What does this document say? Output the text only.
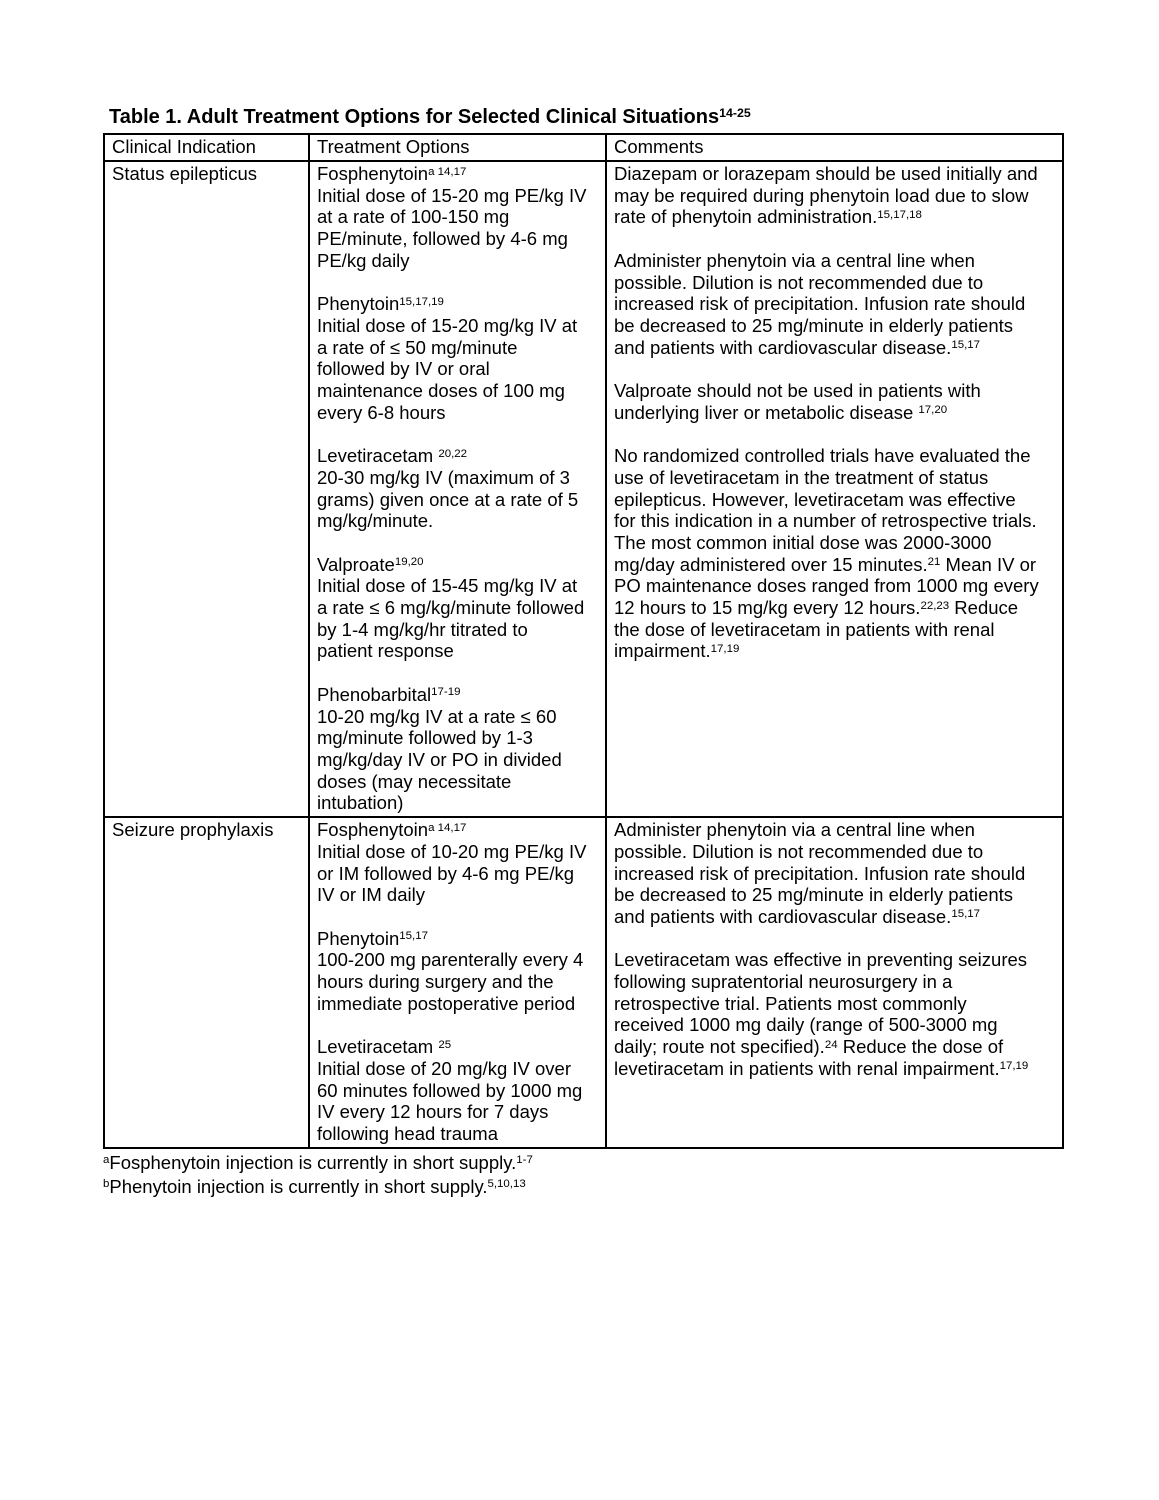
Table 1. Adult Treatment Options for Selected Clinical Situations$^{14-25}$
Clinical Indication	Treatment Options	Comments
Status epilepticus	Fosphenytoin$^{a 14,17}$
Initial dose of 15-20 mg PE/kg IV
at a rate of 100-150 mg
PE/minute, followed by 4-6 mg
PE/kg daily

Phenytoin$^{15,17,19}$
Initial dose of 15-20 mg/kg IV at
a rate of ≤ 50 mg/minute
followed by IV or oral
maintenance doses of 100 mg
every 6-8 hours

Levetiracetam $^{20,22}$
20-30 mg/kg IV (maximum of 3
grams) given once at a rate of 5
mg/kg/minute.

Valproate$^{19,20}$
Initial dose of 15-45 mg/kg IV at
a rate ≤ 6 mg/kg/minute followed
by 1-4 mg/kg/hr titrated to
patient response

Phenobarbital$^{17-19}$
10-20 mg/kg IV at a rate ≤ 60
mg/minute followed by 1-3
mg/kg/day IV or PO in divided
doses (may necessitate
intubation)	Diazepam or lorazepam should be used initially and
may be required during phenytoin load due to slow
rate of phenytoin administration.$^{15,17,18}$

Administer phenytoin via a central line when
possible. Dilution is not recommended due to
increased risk of precipitation. Infusion rate should
be decreased to 25 mg/minute in elderly patients
and patients with cardiovascular disease.$^{15,17}$

Valproate should not be used in patients with
underlying liver or metabolic disease $^{17,20}$

No randomized controlled trials have evaluated the
use of levetiracetam in the treatment of status
epilepticus. However, levetiracetam was effective
for this indication in a number of retrospective trials.
The most common initial dose was 2000-3000
mg/day administered over 15 minutes.$^{21}$ Mean IV or
PO maintenance doses ranged from 1000 mg every
12 hours to 15 mg/kg every 12 hours.$^{22,23}$ Reduce
the dose of levetiracetam in patients with renal
impairment.$^{17,19}$
Seizure prophylaxis	Fosphenytoin$^{a 14,17}$
Initial dose of 10-20 mg PE/kg IV
or IM followed by 4-6 mg PE/kg
IV or IM daily

Phenytoin$^{15,17}$
100-200 mg parenterally every 4
hours during surgery and the
immediate postoperative period

Levetiracetam $^{25}$
Initial dose of 20 mg/kg IV over
60 minutes followed by 1000 mg
IV every 12 hours for 7 days
following head trauma	Administer phenytoin via a central line when
possible. Dilution is not recommended due to
increased risk of precipitation. Infusion rate should
be decreased to 25 mg/minute in elderly patients
and patients with cardiovascular disease.$^{15,17}$

Levetiracetam was effective in preventing seizures
following supratentorial neurosurgery in a
retrospective trial. Patients most commonly
received 1000 mg daily (range of 500-3000 mg
daily; route not specified).$^{24}$ Reduce the dose of
levetiracetam in patients with renal impairment.$^{17,19}$

$^a$Fosphenytoin injection is currently in short supply.$^{1-7}$

$^b$Phenytoin injection is currently in short supply.$^{5,10,13}$
